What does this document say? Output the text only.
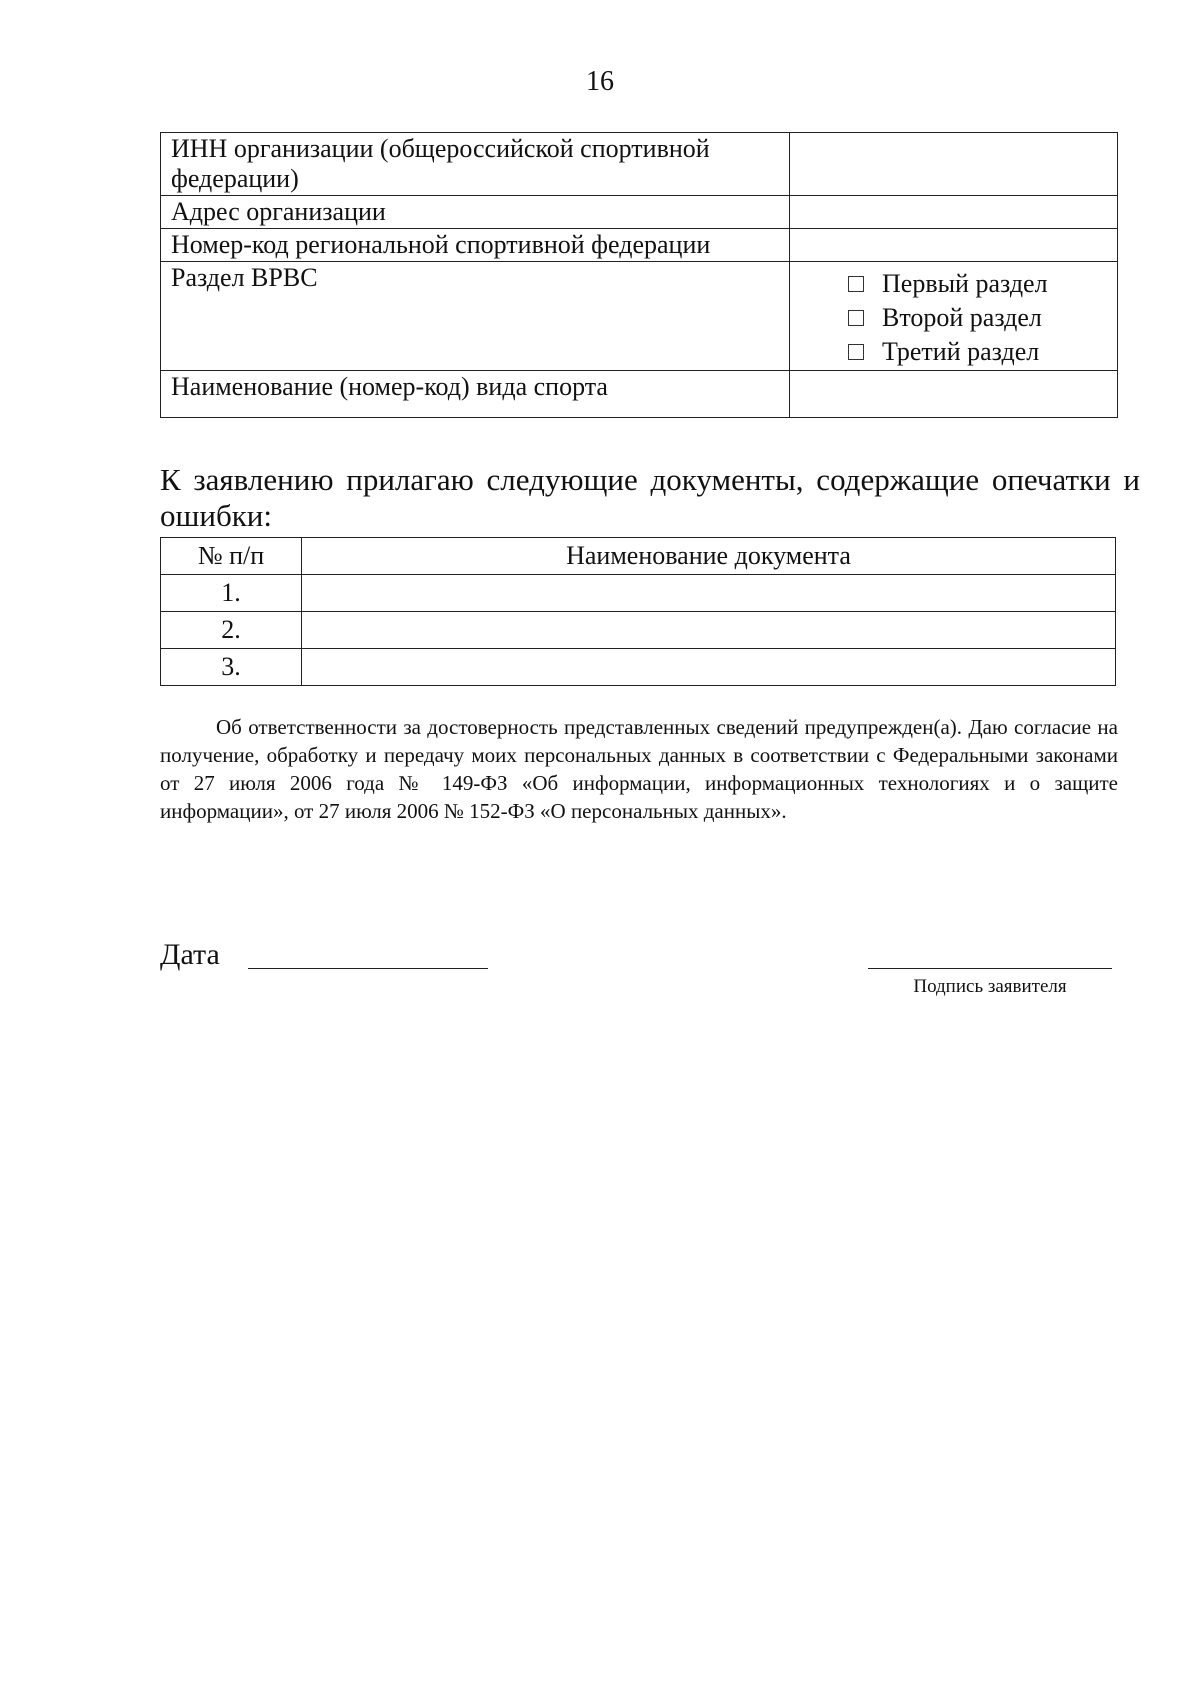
16
ИНН организации (общероссийской спортивной федерации)	
Адрес организации	
Номер-код региональной спортивной федерации	
Раздел ВРВС	Первый раздел
Второй раздел
Третий раздел

Наименование (номер-код) вида спорта	
К заявлению прилагаю следующие документы, содержащие опечатки и ошибки:
№ п/п	Наименование документа
1.	
2.	
3.	

Об ответственности за достоверность представленных сведений предупрежден(а). Даю согласие на получение, обработку и передачу моих персональных данных в соответствии с Федеральными законами от 27 июля 2006 года № 149-ФЗ «Об информации, информационных технологиях и о защите информации», от 27 июля 2006 № 152-ФЗ «О персональных данных».

Дата
Подпись заявителя
